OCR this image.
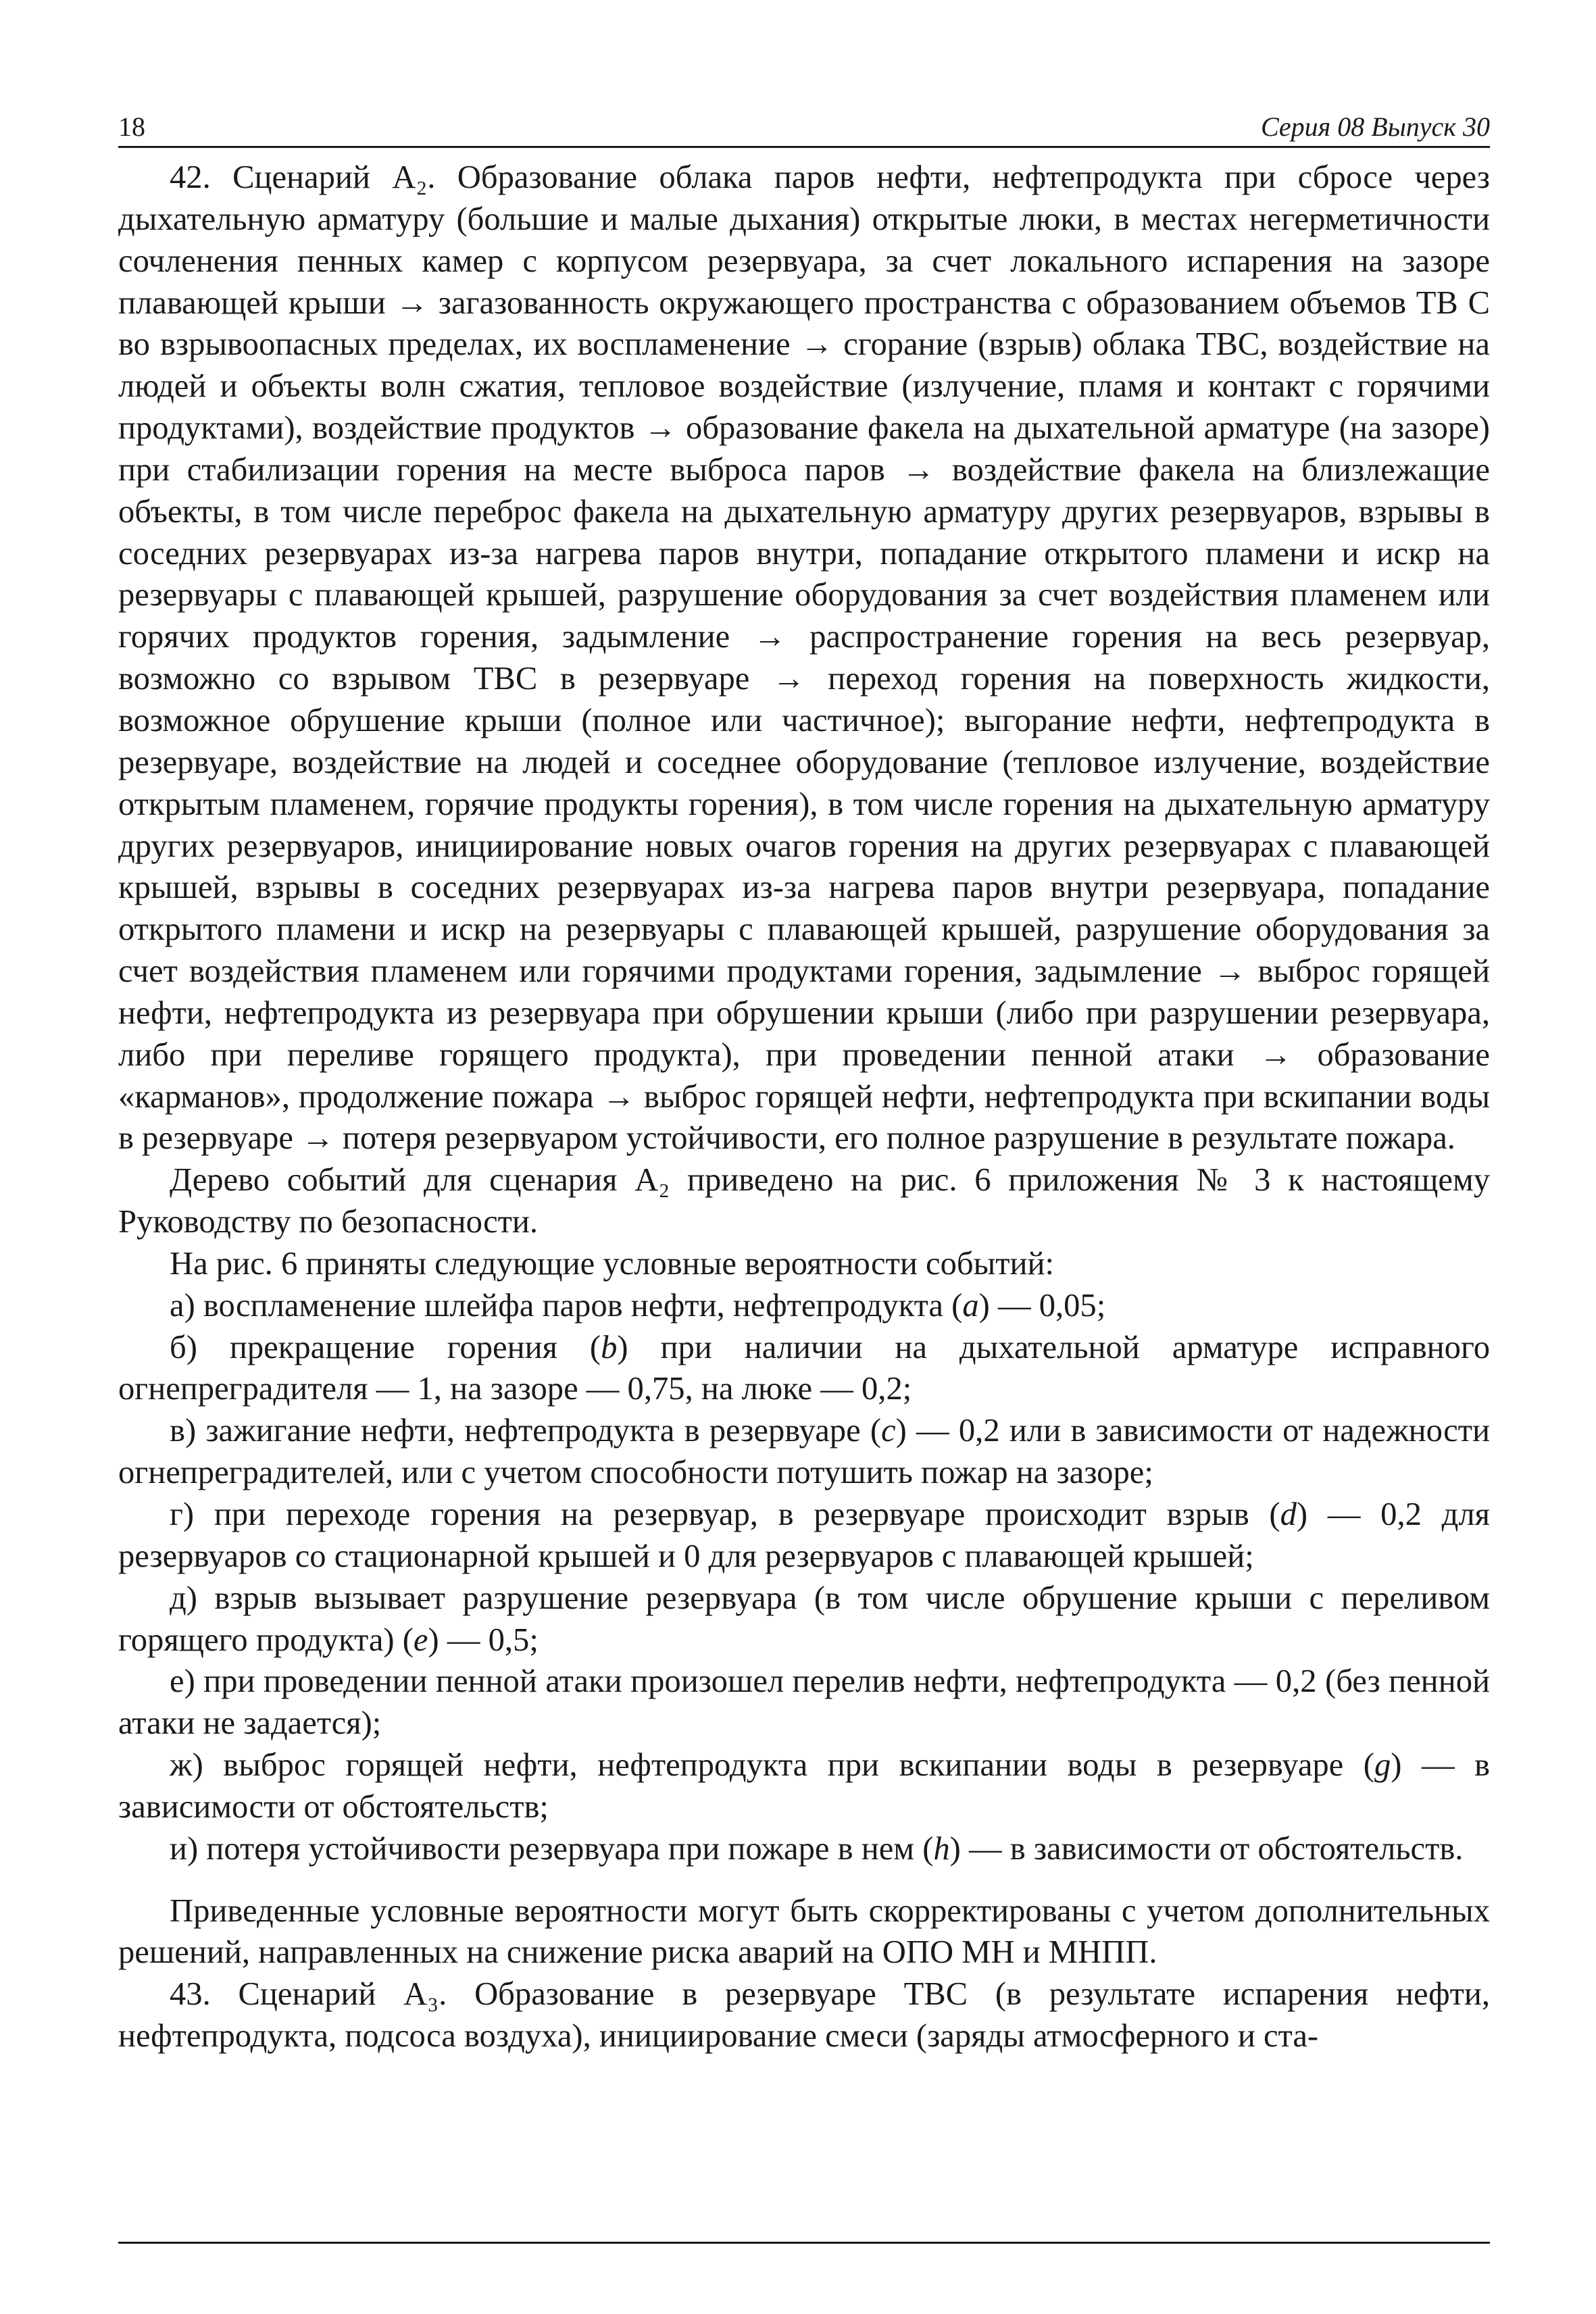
18	Серия 08 Выпуск 30

42. Сценарий А₂. Образование облака паров нефти, нефтепродукта при сбросе через дыхательную арматуру (большие и малые дыхания) открытые люки, в местах негерметичности сочленения пенных камер с корпусом резервуара, за счет локального испарения на зазоре плавающей крыши → загазованность окружающего пространства с образованием объемов ТВ С во взрывоопасных пределах, их воспламенение → сгорание (взрыв) облака ТВС, воздействие на людей и объекты волн сжатия, тепловое воздействие (излучение, пламя и контакт с горячими продуктами), воздействие продуктов → образование факела на дыхательной арматуре (на зазоре) при стабилизации горения на месте выброса паров → воздействие факела на близлежащие объекты, в том числе переброс факела на дыхательную арматуру других резервуаров, взрывы в соседних резервуарах из-за нагрева паров внутри, попадание открытого пламени и искр на резервуары с плавающей крышей, разрушение оборудования за счет воздействия пламенем или горячих продуктов горения, задымление → распространение горения на весь резервуар, возможно со взрывом ТВС в резервуаре → переход горения на поверхность жидкости, возможное обрушение крыши (полное или частичное); выгорание нефти, нефтепродукта в резервуаре, воздействие на людей и соседнее оборудование (тепловое излучение, воздействие открытым пламенем, горячие продукты горения), в том числе горения на дыхательную арматуру других резервуаров, инициирование новых очагов горения на других резервуарах с плавающей крышей, взрывы в соседних резервуарах из-за нагрева паров внутри резервуара, попадание открытого пламени и искр на резервуары с плавающей крышей, разрушение оборудования за счет воздействия пламенем или горячими продуктами горения, задымление → выброс горящей нефти, нефтепродукта из резервуара при обрушении крыши (либо при разрушении резервуара, либо при переливе горящего продукта), при проведении пенной атаки → образование «карманов», продолжение пожара → выброс горящей нефти, нефтепродукта при вскипании воды в резервуаре → потеря резервуаром устойчивости, его полное разрушение в результате пожара.

Дерево событий для сценария А₂ приведено на рис. 6 приложения № 3 к настоящему Руководству по безопасности.

На рис. 6 приняты следующие условные вероятности событий:

а) воспламенение шлейфа паров нефти, нефтепродукта (a) — 0,05;

б) прекращение горения (b) при наличии на дыхательной арматуре исправного огнепреградителя — 1, на зазоре — 0,75, на люке — 0,2;

в) зажигание нефти, нефтепродукта в резервуаре (c) — 0,2 или в зависимости от надежности огнепреградителей, или с учетом способности потушить пожар на зазоре;

г) при переходе горения на резервуар, в резервуаре происходит взрыв (d) — 0,2 для резервуаров со стационарной крышей и 0 для резервуаров с плавающей крышей;

д) взрыв вызывает разрушение резервуара (в том числе обрушение крыши с переливом горящего продукта) (e) — 0,5;

е) при проведении пенной атаки произошел перелив нефти, нефтепродукта — 0,2 (без пенной атаки не задается);

ж) выброс горящей нефти, нефтепродукта при вскипании воды в резервуаре (g) — в зависимости от обстоятельств;

и) потеря устойчивости резервуара при пожаре в нем (h) — в зависимости от обстоятельств.

Приведенные условные вероятности могут быть скорректированы с учетом дополнительных решений, направленных на снижение риска аварий на ОПО МН и МНПП.

43. Сценарий А₃. Образование в резервуаре ТВС (в результате испарения нефти, нефтепродукта, подсоса воздуха), инициирование смеси (заряды атмосферного и ста-
